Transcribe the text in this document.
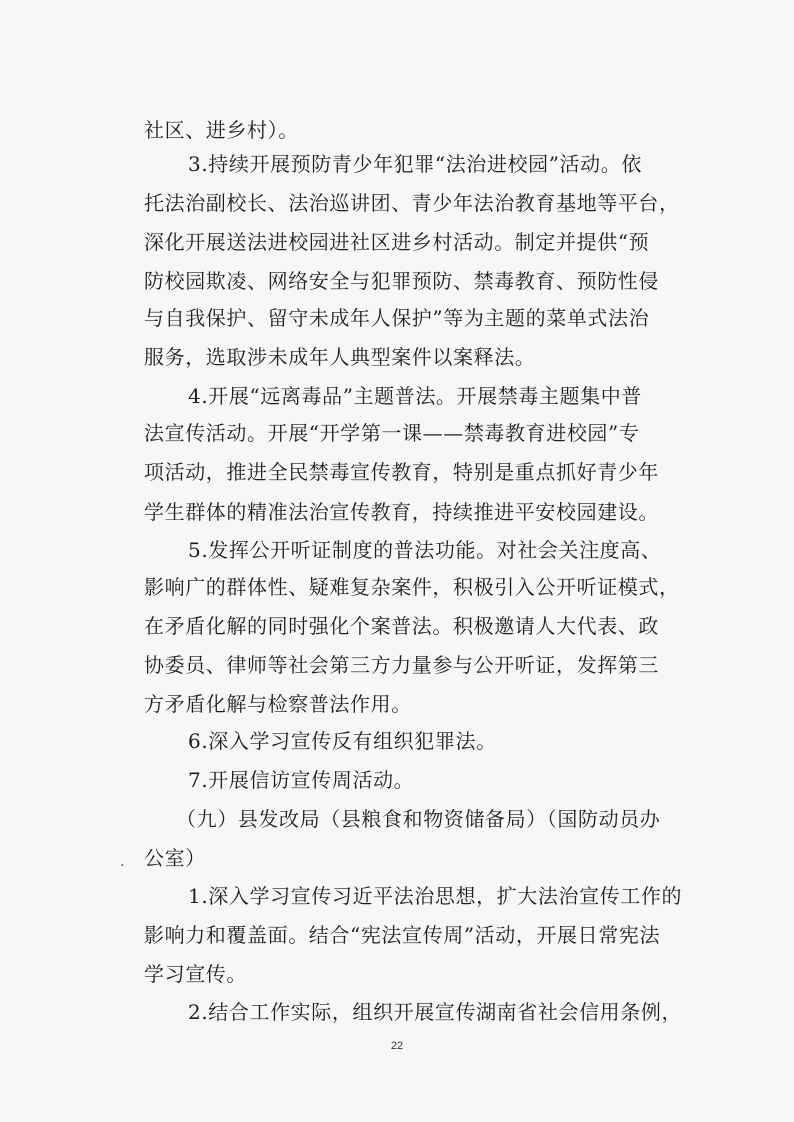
社区、进乡村）。
3.持续开展预防青少年犯罪“法治进校园”活动。依
托法治副校长、法治巡讲团、青少年法治教育基地等平台，
深化开展送法进校园进社区进乡村活动。制定并提供“预
防校园欺凌、网络安全与犯罪预防、禁毒教育、预防性侵
与自我保护、留守未成年人保护”等为主题的菜单式法治
服务，选取涉未成年人典型案件以案释法。
4.开展“远离毒品”主题普法。开展禁毒主题集中普
法宣传活动。开展“开学第一课——禁毒教育进校园”专
项活动，推进全民禁毒宣传教育，特别是重点抓好青少年
学生群体的精准法治宣传教育，持续推进平安校园建设。
5.发挥公开听证制度的普法功能。对社会关注度高、
影响广的群体性、疑难复杂案件，积极引入公开听证模式，
在矛盾化解的同时强化个案普法。积极邀请人大代表、政
协委员、律师等社会第三方力量参与公开听证，发挥第三
方矛盾化解与检察普法作用。
6.深入学习宣传反有组织犯罪法。
7.开展信访宣传周活动。
（九）县发改局（县粮食和物资储备局）（国防动员办
公室）
1.深入学习宣传习近平法治思想，扩大法治宣传工作的
影响力和覆盖面。结合“宪法宣传周”活动，开展日常宪法
学习宣传。
2.结合工作实际，组织开展宣传湖南省社会信用条例，
·
22
